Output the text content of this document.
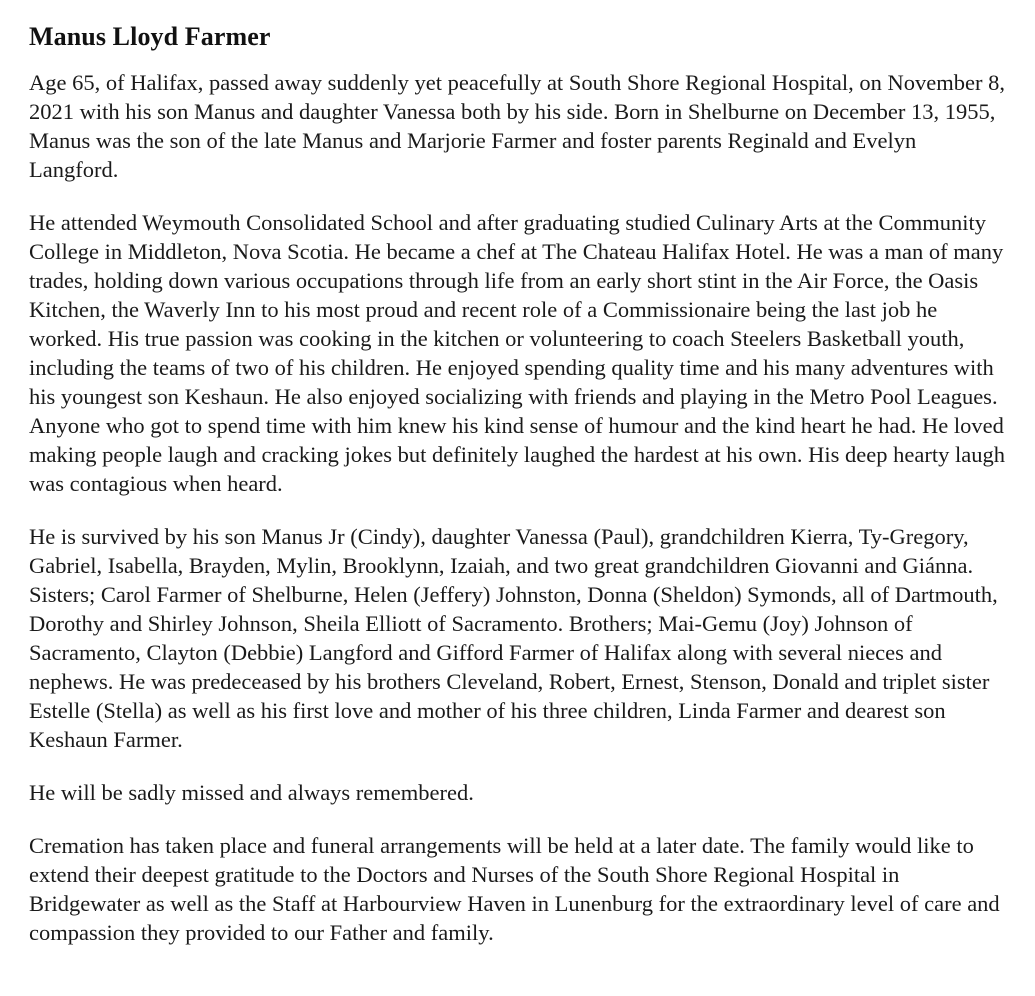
Manus Lloyd Farmer

Age 65, of Halifax, passed away suddenly yet peacefully at South Shore Regional Hospital, on November 8, 2021 with his son Manus and daughter Vanessa both by his side. Born in Shelburne on December 13, 1955, Manus was the son of the late Manus and Marjorie Farmer and foster parents Reginald and Evelyn Langford.

He attended Weymouth Consolidated School and after graduating studied Culinary Arts at the Community College in Middleton, Nova Scotia. He became a chef at The Chateau Halifax Hotel. He was a man of many trades, holding down various occupations through life from an early short stint in the Air Force, the Oasis Kitchen, the Waverly Inn to his most proud and recent role of a Commissionaire being the last job he worked. His true passion was cooking in the kitchen or volunteering to coach Steelers Basketball youth, including the teams of two of his children. He enjoyed spending quality time and his many adventures with his youngest son Keshaun. He also enjoyed socializing with friends and playing in the Metro Pool Leagues. Anyone who got to spend time with him knew his kind sense of humour and the kind heart he had. He loved making people laugh and cracking jokes but definitely laughed the hardest at his own. His deep hearty laugh was contagious when heard.

He is survived by his son Manus Jr (Cindy), daughter Vanessa (Paul), grandchildren Kierra, Ty-Gregory, Gabriel, Isabella, Brayden, Mylin, Brooklynn, Izaiah, and two great grandchildren Giovanni and Giánna. Sisters; Carol Farmer of Shelburne, Helen (Jeffery) Johnston, Donna (Sheldon) Symonds, all of Dartmouth, Dorothy and Shirley Johnson, Sheila Elliott of Sacramento. Brothers; Mai-Gemu (Joy) Johnson of Sacramento, Clayton (Debbie) Langford and Gifford Farmer of Halifax along with several nieces and nephews. He was predeceased by his brothers Cleveland, Robert, Ernest, Stenson, Donald and triplet sister Estelle (Stella) as well as his first love and mother of his three children, Linda Farmer and dearest son Keshaun Farmer.

He will be sadly missed and always remembered.

Cremation has taken place and funeral arrangements will be held at a later date. The family would like to extend their deepest gratitude to the Doctors and Nurses of the South Shore Regional Hospital in Bridgewater as well as the Staff at Harbourview Haven in Lunenburg for the extraordinary level of care and compassion they provided to our Father and family.
